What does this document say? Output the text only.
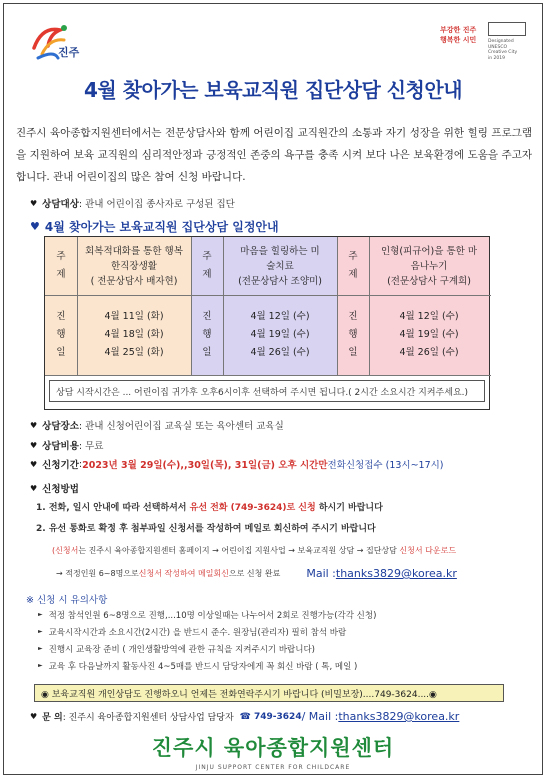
진주
부강한 진주
행복한 시민	Designated UNESCO
Creative City
in 2019
4월 찾아가는 보육교직원 집단상담 신청안내
진주시 육아종합지원센터에서는 전문상담사와 함께 어린이집 교직원간의 소통과 자기 성장을 위한 힐링 프로그램을 지원하여 보육 교직원의 심리적안정과 긍정적인 존중의 욕구를 충족 시켜 보다 나은 보육환경에 도움을 주고자 합니다. 관내 어린이집의 많은 참여 신청 바랍니다.
♥ 상담대상 : 관내 어린이집 종사자로 구성된 집단
♥ 4월 찾아가는 보육교직원 집단상담 일정안내
주제
진행일
회복적대화를 통한 행복한직장생활
( 전문상담사 배자현)
4월 11일 (화)
4월 18일 (화)
4월 25일 (화)
주제
진행일
마음을 힐링하는 미술치료
(전문상담사 조양미)
4월 12일 (수)
4월 19일 (수)
4월 26일 (수)
주제
진행일
인형(피규어)을 통한 마음나누기
(전문상담사 구계희)
4월 12일 (수)
4월 19일 (수)
4월 26일 (수)
상담 시작시간은 ... 어린이집 귀가후 오후6시이후 선택하여 주시면 됩니다.( 2시간 소요시간 지켜주세요.)
♥ 상담장소 : 관내 신청어린이집 교육실 또는 육아센터 교육실
♥ 상담비용 : 무료
♥ 신청기간 : 2023년 3월 29일(수),,30일(목), 31일(금) 오후 시간만 전화신청접수 (13시~17시)
♥ 신청방법
1. 전화, 일시 안내에 따라 선택하셔서 유선 전화 (749-3624)로 신청 하시기 바랍니다
2. 유선 통화로 확정 후 첨부파일 신청서를 작성하여 메일로 회신하여 주시기 바랍니다
(신청서는 진주시 육아종합지원센터 홈페이지 → 어린이집 지원사업 → 보육교직원 상담 → 집단상담 신청서 다운로드
→ 적정인원 6~8명으로 신청서 작성하여 메일회신 으로 신청 완료 Mail : thanks3829@korea.kr
※ 신청 시 유의사항
► 적정 참석인원 6~8명으로 진행,...10명 이상일때는 나누어서 2회로 진행가능(각각 신청)
► 교육시작시간과 소요시간(2시간) 을 반드시 준수. 원장님(관리자) 필히 참석 바람
► 진행시 교육장 준비 ( 개인생활방역에 관한 규칙을 지켜주시기 바랍니다)
► 교육 후 다음날까지 활동사진 4~5매를 반드시 담당자에게 꼭 회신 바람 ( 톡, 메일 )
◉ 보육교직원 개인상담도 진행하오니 언제든 전화연락주시기 바랍니다 (비밀보장)....749-3624....◉
♥ 문 의 : 진주시 육아종합지원센터 상담사업 담당자 ☎ 749-3624 / Mail : thanks3829@korea.kr
진주시 육아종합지원센터
JINJU SUPPORT CENTER FOR CHILDCARE
